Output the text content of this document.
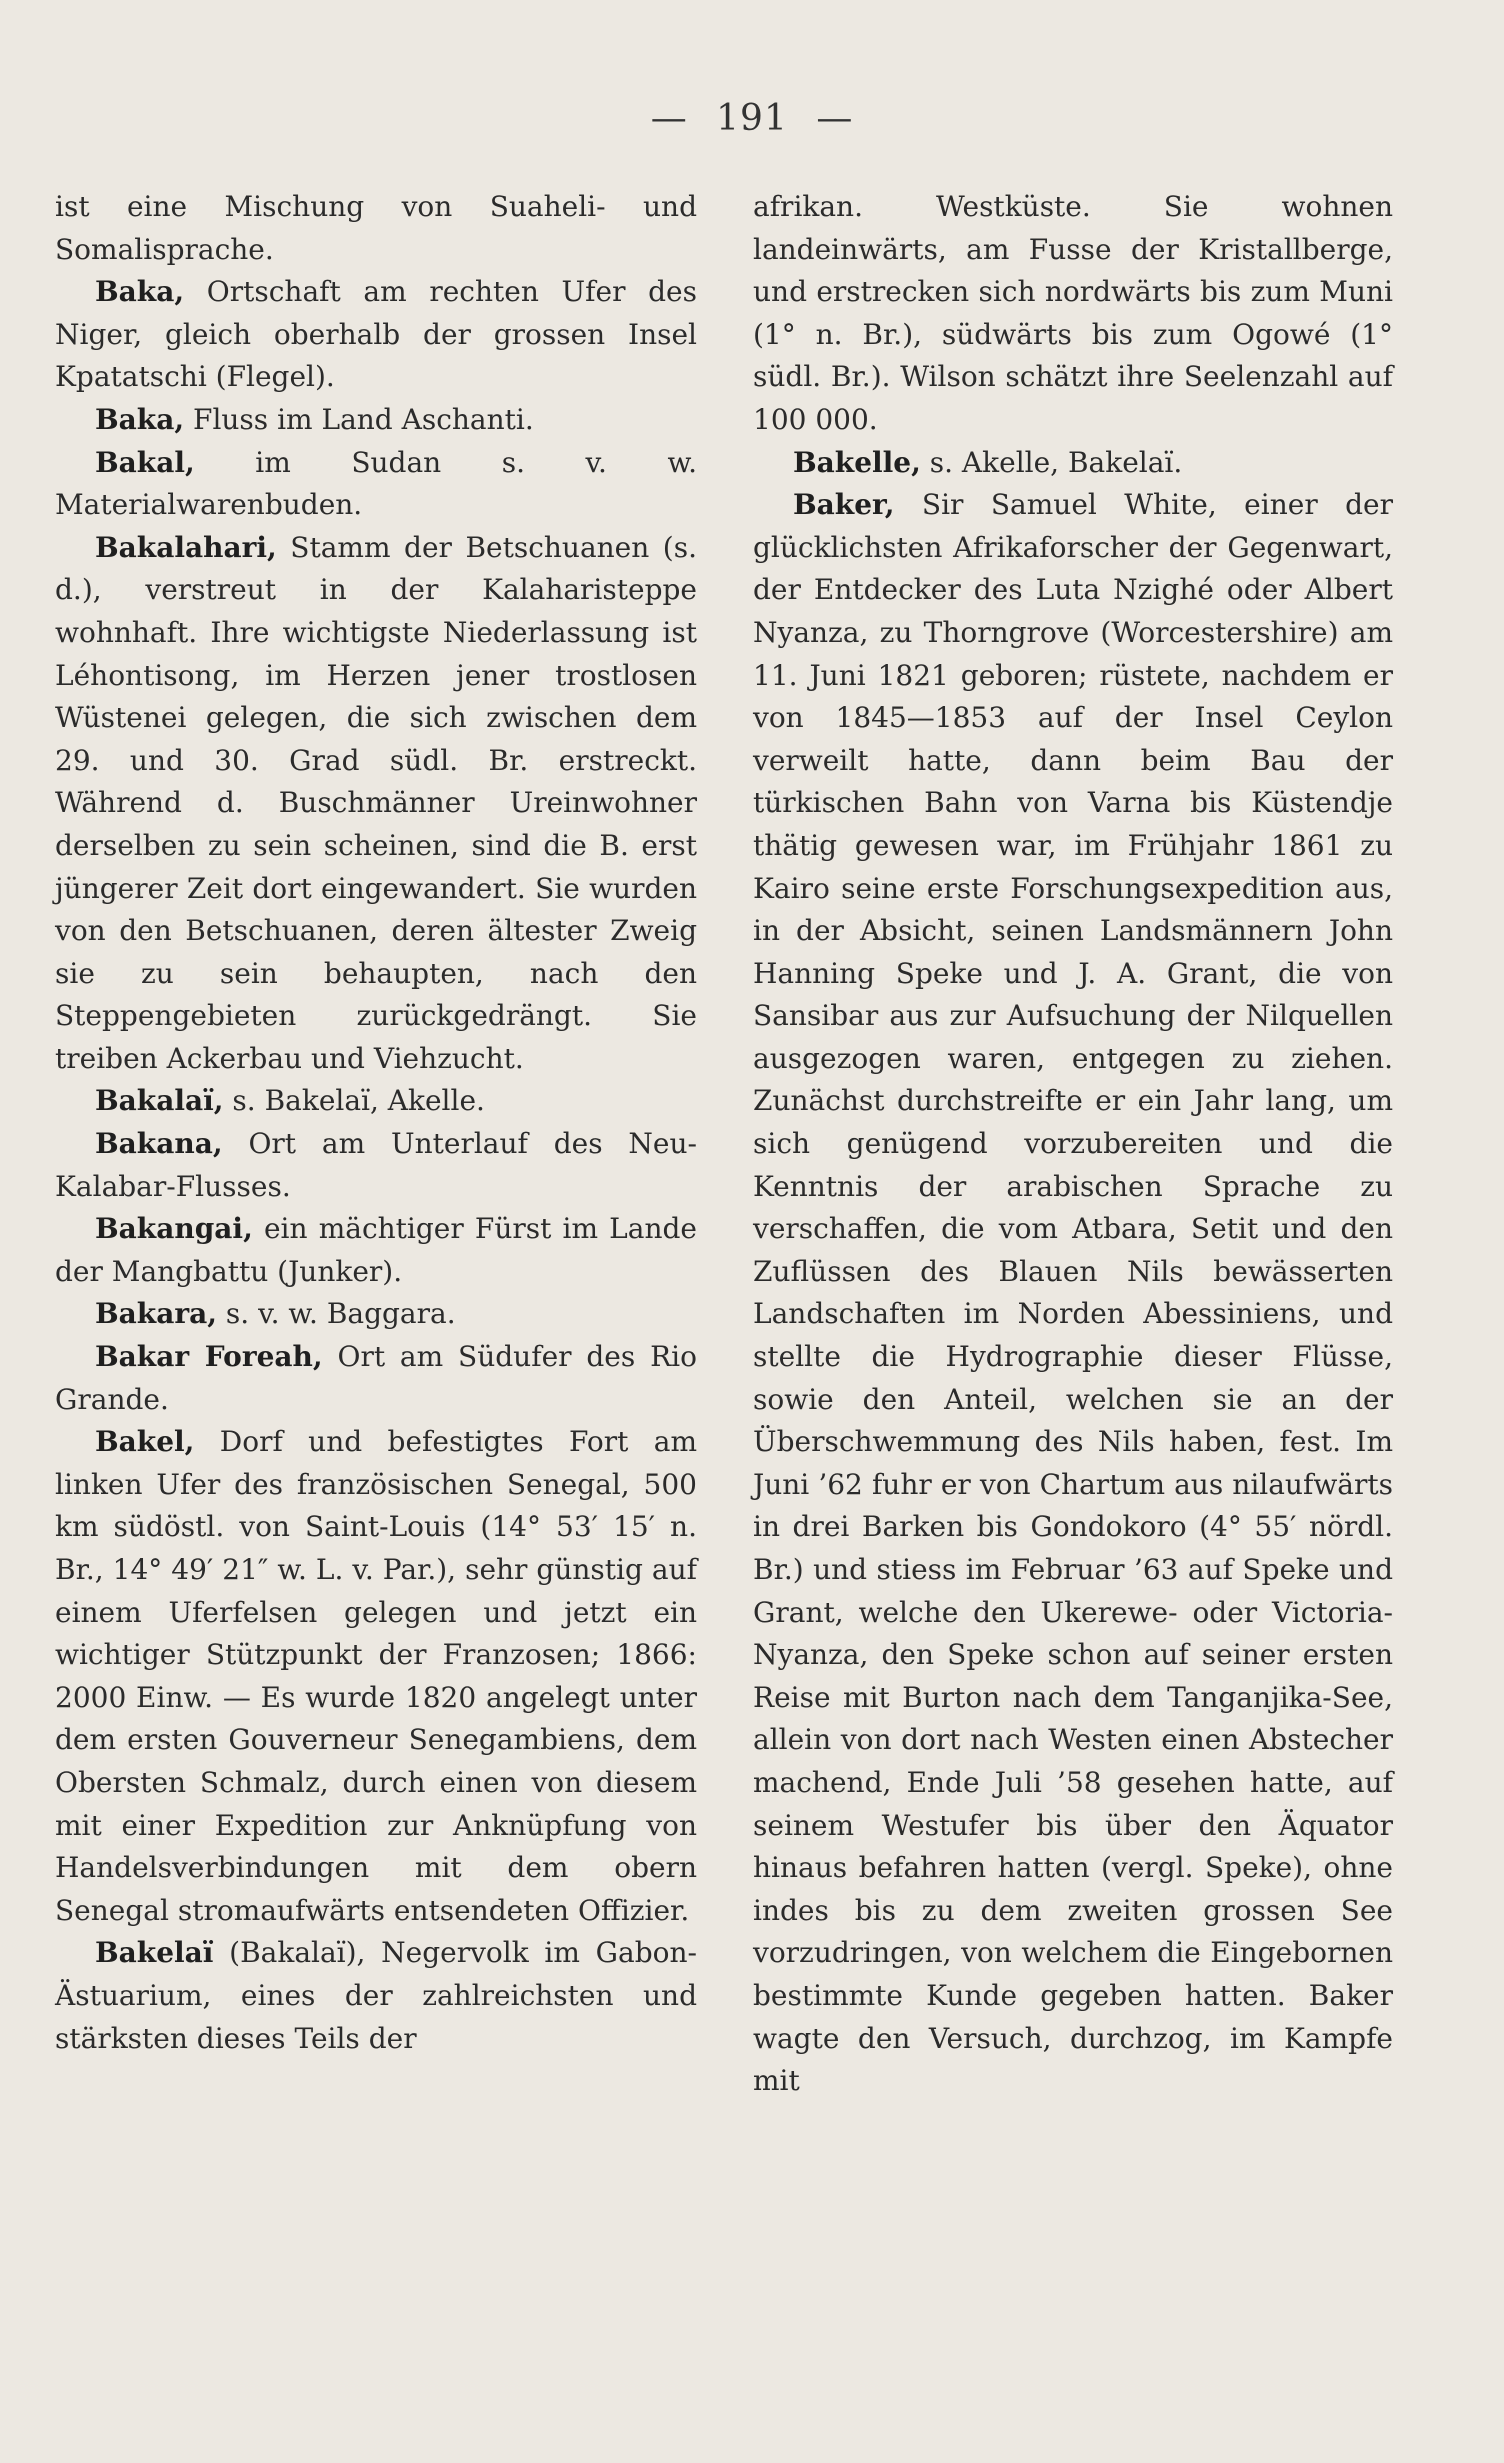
— 191 —

ist eine Mischung von Suaheli- und Somalisprache.

Baka, Ortschaft am rechten Ufer des Niger, gleich oberhalb der grossen Insel Kpatatschi (Flegel).

Baka, Fluss im Land Aschanti.

Bakal, im Sudan s. v. w. Materialwarenbuden.

Bakalahari, Stamm der Betschuanen (s. d.), verstreut in der Kalaharisteppe wohnhaft. Ihre wichtigste Niederlassung ist Léhontisong, im Herzen jener trostlosen Wüstenei gelegen, die sich zwischen dem 29. und 30. Grad südl. Br. erstreckt. Während d. Buschmänner Ureinwohner derselben zu sein scheinen, sind die B. erst jüngerer Zeit dort eingewandert. Sie wurden von den Betschuanen, deren ältester Zweig sie zu sein behaupten, nach den Steppengebieten zurückgedrängt. Sie treiben Ackerbau und Viehzucht.

Bakalaï, s. Bakelaï, Akelle.

Bakana, Ort am Unterlauf des Neu-Kalabar-Flusses.

Bakangai, ein mächtiger Fürst im Lande der Mangbattu (Junker).

Bakara, s. v. w. Baggara.

Bakar Foreah, Ort am Südufer des Rio Grande.

Bakel, Dorf und befestigtes Fort am linken Ufer des französischen Senegal, 500 km südöstl. von Saint-Louis (14° 53′ 15′ n. Br., 14° 49′ 21″ w. L. v. Par.), sehr günstig auf einem Uferfelsen gelegen und jetzt ein wichtiger Stützpunkt der Franzosen; 1866: 2000 Einw. — Es wurde 1820 angelegt unter dem ersten Gouverneur Senegambiens, dem Obersten Schmalz, durch einen von diesem mit einer Expedition zur Anknüpfung von Handelsverbindungen mit dem obern Senegal stromaufwärts entsendeten Offizier.

Bakelaï (Bakalaï), Negervolk im Gabon-Ästuarium, eines der zahlreichsten und stärksten dieses Teils der

afrikan. Westküste. Sie wohnen landeinwärts, am Fusse der Kristallberge, und erstrecken sich nordwärts bis zum Muni (1° n. Br.), südwärts bis zum Ogowé (1° südl. Br.). Wilson schätzt ihre Seelenzahl auf 100 000.

Bakelle, s. Akelle, Bakelaï.

Baker, Sir Samuel White, einer der glücklichsten Afrikaforscher der Gegenwart, der Entdecker des Luta Nzighé oder Albert Nyanza, zu Thorngrove (Worcestershire) am 11. Juni 1821 geboren; rüstete, nachdem er von 1845—1853 auf der Insel Ceylon verweilt hatte, dann beim Bau der türkischen Bahn von Varna bis Küstendje thätig gewesen war, im Frühjahr 1861 zu Kairo seine erste Forschungsexpedition aus, in der Absicht, seinen Landsmännern John Hanning Speke und J. A. Grant, die von Sansibar aus zur Aufsuchung der Nilquellen ausgezogen waren, entgegen zu ziehen. Zunächst durchstreifte er ein Jahr lang, um sich genügend vorzubereiten und die Kenntnis der arabischen Sprache zu verschaffen, die vom Atbara, Setit und den Zuflüssen des Blauen Nils bewässerten Landschaften im Norden Abessiniens, und stellte die Hydrographie dieser Flüsse, sowie den Anteil, welchen sie an der Überschwemmung des Nils haben, fest. Im Juni ’62 fuhr er von Chartum aus nilaufwärts in drei Barken bis Gondokoro (4° 55′ nördl. Br.) und stiess im Februar ’63 auf Speke und Grant, welche den Ukerewe- oder Victoria-Nyanza, den Speke schon auf seiner ersten Reise mit Burton nach dem Tanganjika-See, allein von dort nach Westen einen Abstecher machend, Ende Juli ’58 gesehen hatte, auf seinem Westufer bis über den Äquator hinaus befahren hatten (vergl. Speke), ohne indes bis zu dem zweiten grossen See vorzudringen, von welchem die Eingebornen bestimmte Kunde gegeben hatten. Baker wagte den Versuch, durchzog, im Kampfe mit
